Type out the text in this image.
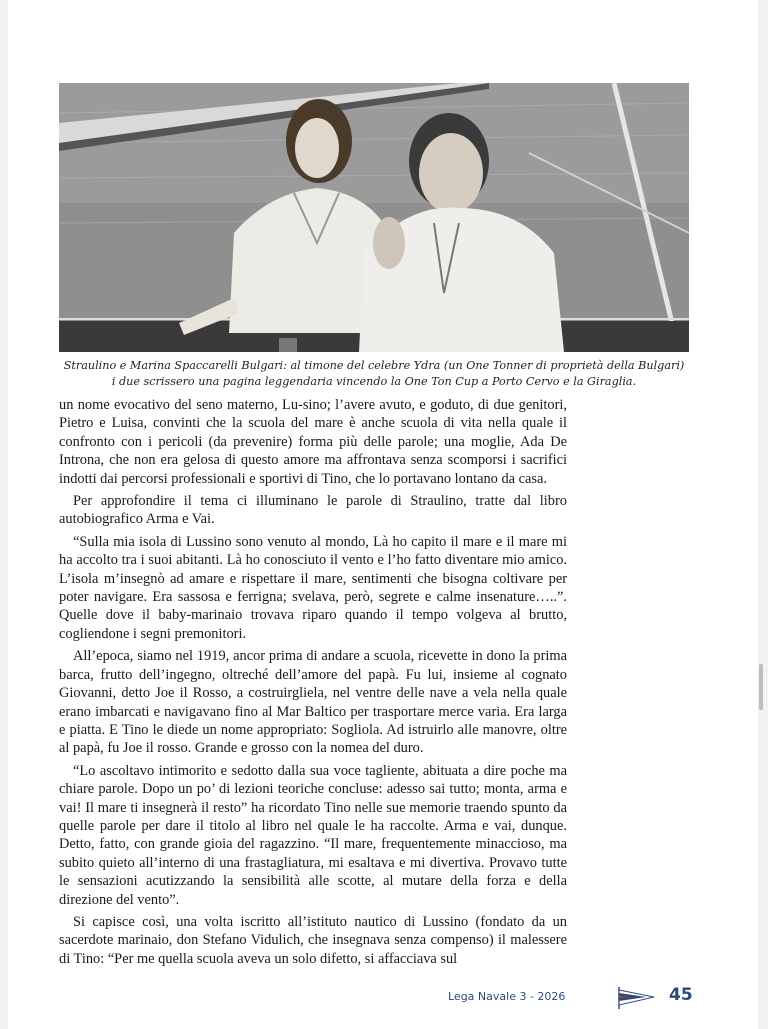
Straulino e Marina Spaccarelli Bulgari: al timone del celebre Ydra (un One Tonner di proprietà della Bulgari)
i due scrissero una pagina leggendaria vincendo la One Ton Cup a Porto Cervo e la Giraglia.

un nome evocativo del seno materno, Lu-sino; l’avere avuto, e goduto, di due genitori, Pietro e Luisa, convinti che la scuola del mare è anche scuola di vita nella quale il confronto con i pericoli (da prevenire) forma più delle parole; una moglie, Ada De Introna, che non era gelosa di questo amore ma affrontava senza scomporsi i sacrifici indotti dai percorsi professionali e sportivi di Tino, che lo portavano lontano da casa.

Per approfondire il tema ci illuminano le parole di Straulino, tratte dal libro autobiografico Arma e Vai.

“Sulla mia isola di Lussino sono venuto al mondo, Là ho capito il mare e il mare mi ha accolto tra i suoi abitanti. Là ho conosciuto il vento e l’ho fatto diventare mio amico. L’isola m’insegnò ad amare e rispettare il mare, sentimenti che bisogna coltivare per poter navigare. Era sassosa e ferrigna; svelava, però, segrete e calme insenature…..”. Quelle dove il baby-marinaio trovava riparo quando il tempo volgeva al brutto, cogliendone i segni premonitori.

All’epoca, siamo nel 1919, ancor prima di andare a scuola, ricevette in dono la prima barca, frutto dell’ingegno, oltreché dell’amore del papà. Fu lui, insieme al cognato Giovanni, detto Joe il Rosso, a costruirgliela, nel ventre delle nave a vela nella quale erano imbarcati e navigavano fino al Mar Baltico per trasportare merce varia. Era larga e piatta. E Tino le diede un nome appropriato: Sogliola. Ad istruirlo alle manovre, oltre al papà, fu Joe il rosso. Grande e grosso con la nomea del duro.

“Lo ascoltavo intimorito e sedotto dalla sua voce tagliente, abituata a dire poche ma chiare parole. Dopo un po’ di lezioni teoriche concluse: adesso sai tutto; monta, arma e vai! Il mare ti insegnerà il resto” ha ricordato Tino nelle sue memorie traendo spunto da quelle parole per dare il titolo al libro nel quale le ha raccolte. Arma e vai, dunque. Detto, fatto, con grande gioia del ragazzino. “Il mare, frequentemente minaccioso, ma subito quieto all’interno di una frastagliatura, mi esaltava e mi divertiva. Provavo tutte le sensazioni acutizzando la sensibilità alle scotte, al mutare della forza e della direzione del vento”.

Si capisce così, una volta iscritto all’istituto nautico di Lussino (fondato da un sacerdote marinaio, don Stefano Vidulich, che insegnava senza compenso) il malessere di Tino: “Per me quella scuola aveva un solo difetto, si affacciava sul

Lega Navale 3 - 2026	45
